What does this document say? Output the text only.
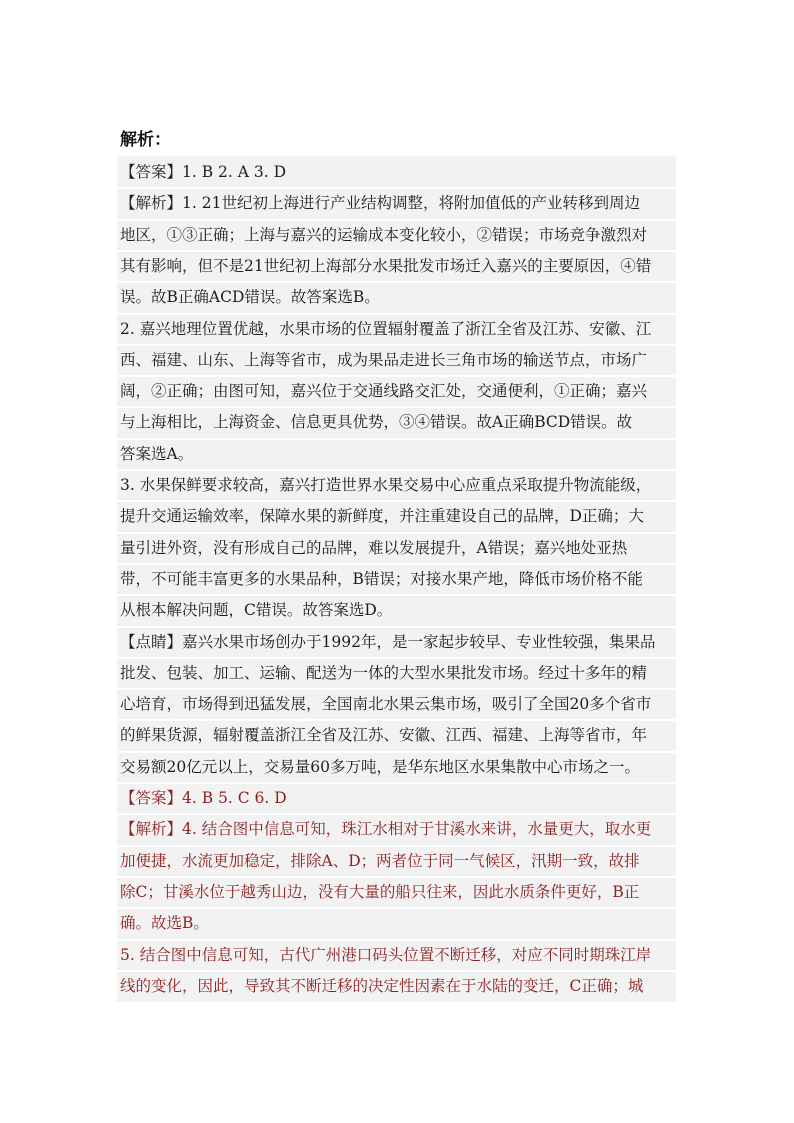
解析：
【答案】1. B 2. A 3. D
【解析】1. 21世纪初上海进行产业结构调整，将附加值低的产业转移到周边
地区，①③正确；上海与嘉兴的运输成本变化较小，②错误；市场竞争激烈对
其有影响，但不是21世纪初上海部分水果批发市场迁入嘉兴的主要原因，④错
误。故B正确ACD错误。故答案选B。
2. 嘉兴地理位置优越，水果市场的位置辐射覆盖了浙江全省及江苏、安徽、江
西、福建、山东、上海等省市，成为果品走进长三角市场的输送节点，市场广
阔，②正确；由图可知，嘉兴位于交通线路交汇处，交通便利，①正确；嘉兴
与上海相比，上海资金、信息更具优势，③④错误。故A正确BCD错误。故
答案选A。
3. 水果保鲜要求较高，嘉兴打造世界水果交易中心应重点采取提升物流能级，
提升交通运输效率，保障水果的新鲜度，并注重建设自己的品牌，D正确；大
量引进外资，没有形成自己的品牌，难以发展提升，A错误；嘉兴地处亚热
带，不可能丰富更多的水果品种，B错误；对接水果产地，降低市场价格不能
从根本解决问题，C错误。故答案选D。
【点睛】嘉兴水果市场创办于1992年，是一家起步较早、专业性较强，集果品
批发、包装、加工、运输、配送为一体的大型水果批发市场。经过十多年的精
心培育，市场得到迅猛发展，全国南北水果云集市场，吸引了全国20多个省市
的鲜果货源，辐射覆盖浙江全省及江苏、安徽、江西、福建、上海等省市，年
交易额20亿元以上，交易量60多万吨，是华东地区水果集散中心市场之一。
【答案】4. B 5. C 6. D
【解析】4. 结合图中信息可知，珠江水相对于甘溪水来讲，水量更大，取水更
加便捷，水流更加稳定，排除A、D；两者位于同一气候区，汛期一致，故排
除C；甘溪水位于越秀山边，没有大量的船只往来，因此水质条件更好，B正
确。故选B。
5. 结合图中信息可知，古代广州港口码头位置不断迁移，对应不同时期珠江岸
线的变化，因此，导致其不断迁移的决定性因素在于水陆的变迁，C正确；城
